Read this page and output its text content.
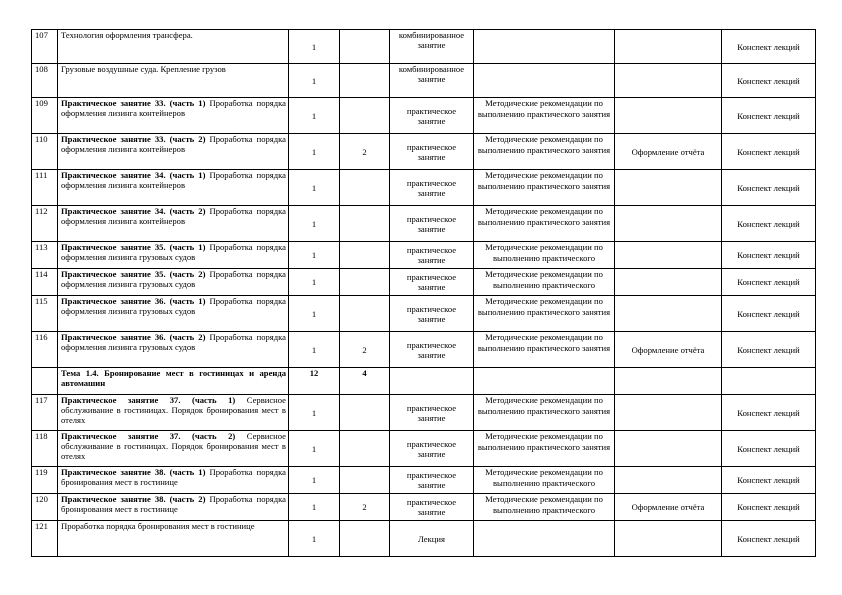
107	Технология оформления трансфера.	1		комбинированное занятие			Конспект лекций
108	Грузовые воздушные суда. Крепление грузов	1		комбинированное занятие			Конспект лекций
109	Практическое занятие 33. (часть 1) Проработка порядка оформления лизинга контейнеров	1		практическое занятие	Методические рекомендации по выполнению практического занятия		Конспект лекций
110	Практическое занятие 33. (часть 2) Проработка порядка оформления лизинга контейнеров	1	2	практическое занятие	Методические рекомендации по выполнению практического занятия	Оформление отчёта	Конспект лекций
111	Практическое занятие 34. (часть 1) Проработка порядка оформления лизинга контейнеров	1		практическое занятие	Методические рекомендации по выполнению практического занятия		Конспект лекций
112	Практическое занятие 34. (часть 2) Проработка порядка оформления лизинга контейнеров	1		практическое занятие	Методические рекомендации по выполнению практического занятия		Конспект лекций
113	Практическое занятие 35. (часть 1) Проработка порядка оформления лизинга грузовых судов	1		практическое занятие	Методические рекомендации по выполнению практического		Конспект лекций
114	Практическое занятие 35. (часть 2) Проработка порядка оформления лизинга грузовых судов	1		практическое занятие	Методические рекомендации по выполнению практического		Конспект лекций
115	Практическое занятие 36. (часть 1) Проработка порядка оформления лизинга грузовых судов	1		практическое занятие	Методические рекомендации по выполнению практического занятия		Конспект лекций
116	Практическое занятие 36. (часть 2) Проработка порядка оформления лизинга грузовых судов	1	2	практическое занятие	Методические рекомендации по выполнению практического занятия	Оформление отчёта	Конспект лекций
	Тема 1.4. Бронирование мест в гостиницах и аренда автомашин	12	4				
117	Практическое занятие 37. (часть 1) Сервисное обслуживание в гостиницах. Порядок бронирования мест в отелях	1		практическое занятие	Методические рекомендации по выполнению практического занятия		Конспект лекций
118	Практическое занятие 37. (часть 2) Сервисное обслуживание в гостиницах. Порядок бронирования мест в отелях	1		практическое занятие	Методические рекомендации по выполнению практического занятия		Конспект лекций
119	Практическое занятие 38. (часть 1) Проработка порядка бронирования мест в гостинице	1		практическое занятие	Методические рекомендации по выполнению практического		Конспект лекций
120	Практическое занятие 38. (часть 2) Проработка порядка бронирования мест в гостинице	1	2	практическое занятие	Методические рекомендации по выполнению практического	Оформление отчёта	Конспект лекций
121	Проработка порядка бронирования мест в гостинице	1		Лекция			Конспект лекций
